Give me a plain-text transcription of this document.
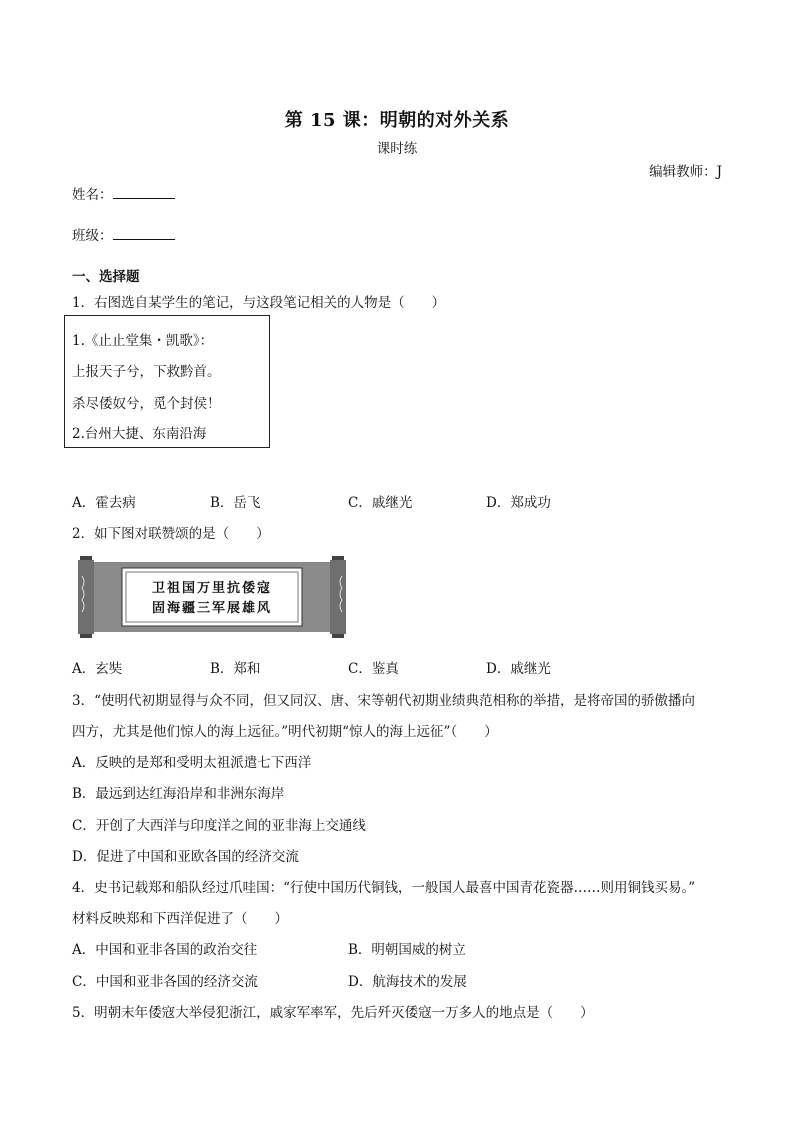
第 15 课：明朝的对外关系
课时练
编辑教师：J
姓名：
班级：
一、选择题
1．右图选自某学生的笔记，与这段笔记相关的人物是（　　）
1.《止止堂集・凯歌》：
上报天子兮，下救黔首。
杀尽倭奴兮，觅个封侯！
2.台州大捷、东南沿海
A．霍去病	B．岳飞	C．戚继光	D．郑成功
2．如下图对联赞颂的是（　　）
卫祖国万里抗倭寇
固海疆三军展雄风
A．玄奘	B．郑和	C．鉴真	D．戚继光
3．“使明代初期显得与众不同，但又同汉、唐、宋等朝代初期业绩典范相称的举措，是将帝国的骄傲播向
四方，尤其是他们惊人的海上远征。”明代初期“惊人的海上远征”（　　）
A．反映的是郑和受明太祖派遣七下西洋
B．最远到达红海沿岸和非洲东海岸
C．开创了大西洋与印度洋之间的亚非海上交通线
D．促进了中国和亚欧各国的经济交流
4．史书记载郑和船队经过爪哇国：“行使中国历代铜钱，一般国人最喜中国青花瓷器……则用铜钱买易。”
材料反映郑和下西洋促进了（　　）
A．中国和亚非各国的政治交往	B．明朝国威的树立
C．中国和亚非各国的经济交流	D．航海技术的发展
5．明朝末年倭寇大举侵犯浙江，戚家军率军，先后歼灭倭寇一万多人的地点是（　　）
